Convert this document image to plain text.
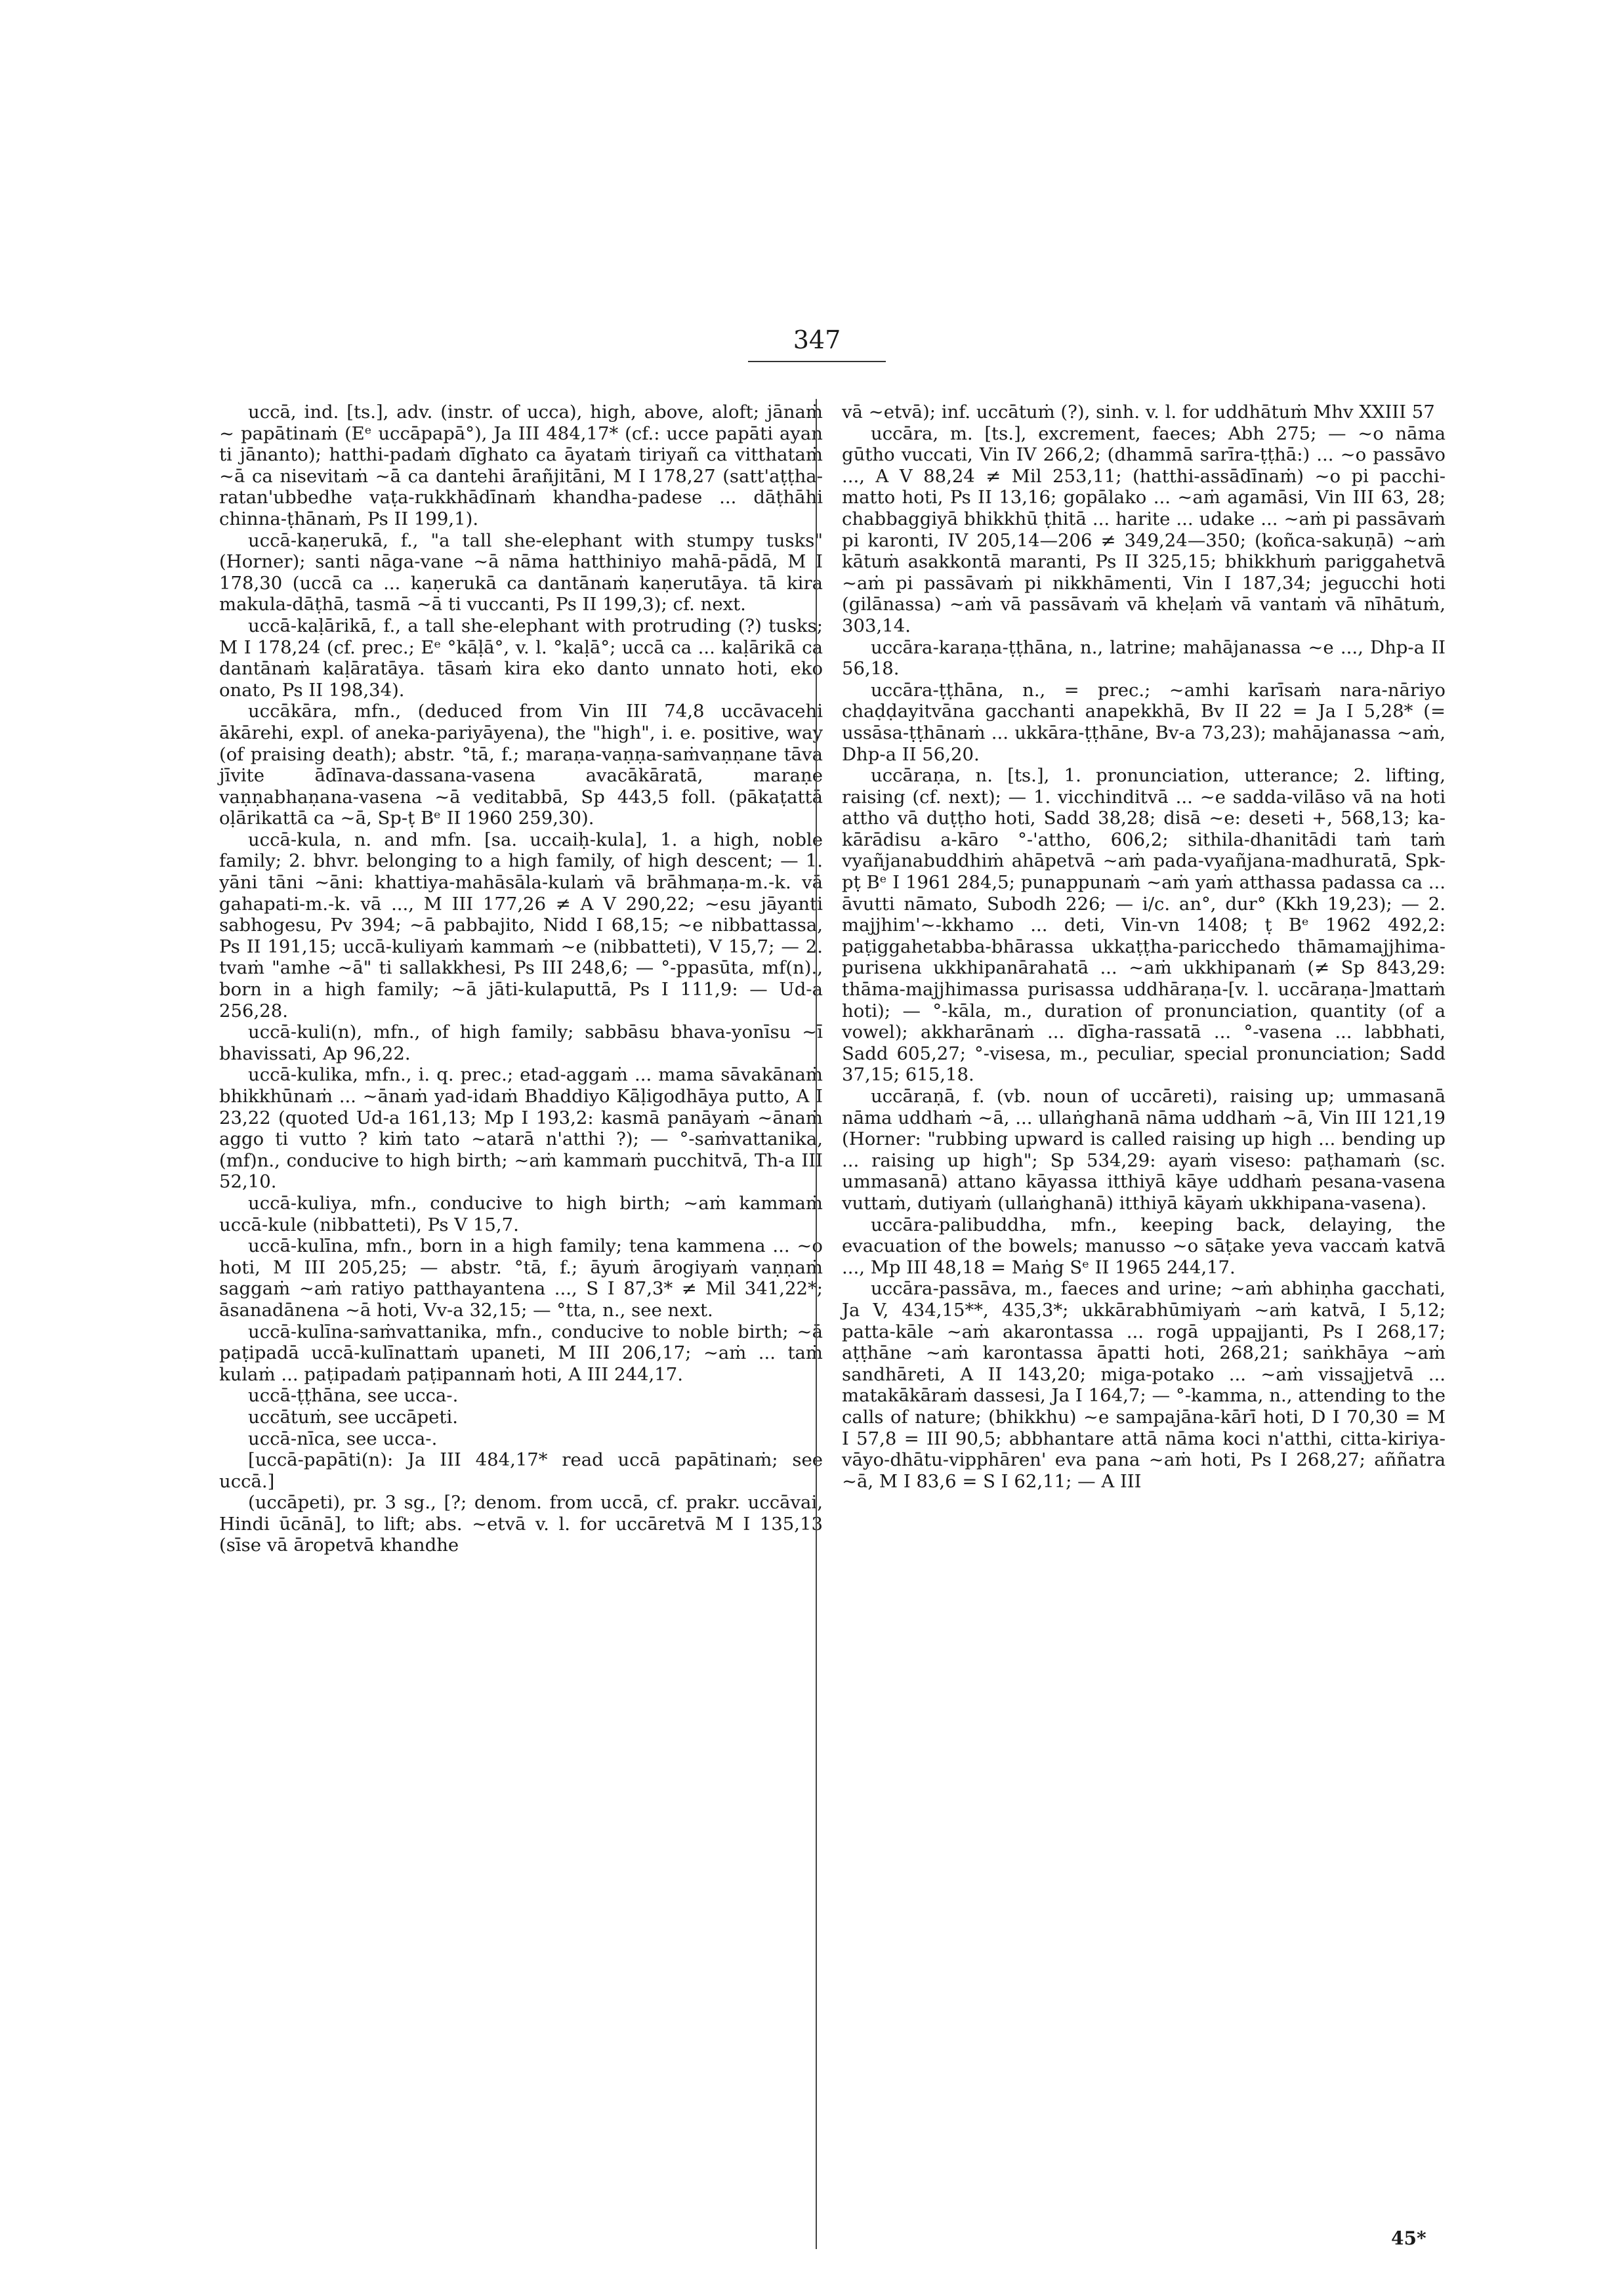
347

uccā, ind. [ts.], adv. (instr. of ucca), high, above, aloft; jānaṁ ~ papātinaṁ (Eᵉ uccāpapā°), Ja III 484,17* (cf.: ucce papāti ayan ti jānanto); hatthi-padaṁ dīghato ca āyataṁ tiriyañ ca vitthataṁ ~ā ca nisevitaṁ ~ā ca dantehi ārañjitāni, M I 178,27 (satt'aṭṭha-ratan'ubbedhe vaṭa-rukkhādīnaṁ khandha-padese ... dāṭhāhi chinna-ṭhānaṁ, Ps II 199,1).

uccā-kaṇerukā, f., "a tall she-elephant with stumpy tusks" (Horner); santi nāga-vane ~ā nāma hatthiniyo mahā-pādā, M I 178,30 (uccā ca ... kaṇerukā ca dantānaṁ kaṇerutāya. tā kira makula-dāṭhā, tasmā ~ā ti vuccanti, Ps II 199,3); cf. next.

uccā-kaḷārikā, f., a tall she-elephant with protruding (?) tusks; M I 178,24 (cf. prec.; Eᵉ °kāḷā°, v. l. °kaḷā°; uccā ca ... kaḷārikā ca dantānaṁ kaḷāratāya. tāsaṁ kira eko danto unnato hoti, eko onato, Ps II 198,34).

uccākāra, mfn., (deduced from Vin III 74,8 uccāvacehi ākārehi, expl. of aneka-pariyāyena), the "high", i. e. positive, way (of praising death); abstr. °tā, f.; maraṇa-vaṇṇa-saṁvaṇṇane tāva jīvite ādīnava-dassana-vasena avacākāratā, maraṇe vaṇṇabhaṇana-vasena ~ā veditabbā, Sp 443,5 foll. (pākaṭattā oḷārikattā ca ~ā, Sp-ṭ Bᵉ II 1960 259,30).

uccā-kula, n. and mfn. [sa. uccaiḥ-kula], 1. a high, noble family; 2. bhvr. belonging to a high family, of high descent; — 1. yāni tāni ~āni: khattiya-mahāsāla-kulaṁ vā brāhmaṇa-m.-k. vā gahapati-m.-k. vā ..., M III 177,26 ≠ A V 290,22; ~esu jāyanti sabhogesu, Pv 394; ~ā pabbajito, Nidd I 68,15; ~e nibbattassa, Ps II 191,15; uccā-kuliyaṁ kammaṁ ~e (nibbatteti), V 15,7; — 2. tvaṁ "amhe ~ā" ti sallakkhesi, Ps III 248,6; — °-ppasūta, mf(n)., born in a high family; ~ā jāti-kulaputtā, Ps I 111,9: — Ud-a 256,28.

uccā-kuli(n), mfn., of high family; sabbāsu bhava-yonīsu ~ī bhavissati, Ap 96,22.

uccā-kulika, mfn., i. q. prec.; etad-aggaṁ ... mama sāvakānaṁ bhikkhūnaṁ ... ~ānaṁ yad-idaṁ Bhaddiyo Kāḷigodhāya putto, A I 23,22 (quoted Ud-a 161,13; Mp I 193,2: kasmā panāyaṁ ~ānaṁ aggo ti vutto ? kiṁ tato ~atarā n'atthi ?); — °-saṁvattanika, (mf)n., conducive to high birth; ~aṁ kammaṁ pucchitvā, Th-a III 52,10.

uccā-kuliya, mfn., conducive to high birth; ~aṁ kammaṁ uccā-kule (nibbatteti), Ps V 15,7.

uccā-kulīna, mfn., born in a high family; tena kammena ... ~o hoti, M III 205,25; — abstr. °tā, f.; āyuṁ ārogiyaṁ vaṇṇaṁ saggaṁ ~aṁ ratiyo patthayantena ..., S I 87,3* ≠ Mil 341,22*; āsanadānena ~ā hoti, Vv-a 32,15; — °tta, n., see next.

uccā-kulīna-saṁvattanika, mfn., conducive to noble birth; ~ā paṭipadā uccā-kulīnattaṁ upaneti, M III 206,17; ~aṁ ... taṁ kulaṁ ... paṭipadaṁ paṭipannaṁ hoti, A III 244,17.

uccā-ṭṭhāna, see ucca-.

uccātuṁ, see uccāpeti.

uccā-nīca, see ucca-.

[uccā-papāti(n): Ja III 484,17* read uccā papātinaṁ; see uccā.]

(uccāpeti), pr. 3 sg., [?; denom. from uccā, cf. prakr. uccāvai, Hindi ūcānā], to lift; abs. ~etvā v. l. for uccāretvā M I 135,13 (sīse vā āropetvā khandhe

vā ~etvā); inf. uccātuṁ (?), sinh. v. l. for uddhātuṁ Mhv XXIII 57

uccāra, m. [ts.], excrement, faeces; Abh 275; — ~o nāma gūtho vuccati, Vin IV 266,2; (dhammā sarīra-ṭṭhā:) ... ~o passāvo ..., A V 88,24 ≠ Mil 253,11; (hatthi-assādīnaṁ) ~o pi pacchi-matto hoti, Ps II 13,16; gopālako ... ~aṁ agamāsi, Vin III 63, 28; chabbaggiyā bhikkhū ṭhitā ... harite ... udake ... ~aṁ pi passāvaṁ pi karonti, IV 205,14—206 ≠ 349,24—350; (koñca-sakuṇā) ~aṁ kātuṁ asakkontā maranti, Ps II 325,15; bhikkhuṁ pariggahetvā ~aṁ pi passāvaṁ pi nikkhāmenti, Vin I 187,34; jegucchi hoti (gilānassa) ~aṁ vā passāvaṁ vā kheḷaṁ vā vantaṁ vā nīhātuṁ, 303,14.

uccāra-karaṇa-ṭṭhāna, n., latrine; mahājanassa ~e ..., Dhp-a II 56,18.

uccāra-ṭṭhāna, n., = prec.; ~amhi karīsaṁ nara-nāriyo chaḍḍayitvāna gacchanti anapekkhā, Bv II 22 = Ja I 5,28* (= ussāsa-ṭṭhānaṁ ... ukkāra-ṭṭhāne, Bv-a 73,23); mahājanassa ~aṁ, Dhp-a II 56,20.

uccāraṇa, n. [ts.], 1. pronunciation, utterance; 2. lifting, raising (cf. next); — 1. vicchinditvā ... ~e sadda-vilāso vā na hoti attho vā duṭṭho hoti, Sadd 38,28; disā ~e: deseti +, 568,13; ka-kārādisu a-kāro °-'attho, 606,2; sithila-dhanitādi taṁ taṁ vyañjanabuddhiṁ ahāpetvā ~aṁ pada-vyañjana-madhuratā, Spk-pṭ Bᵉ I 1961 284,5; punappunaṁ ~aṁ yaṁ atthassa padassa ca ... āvutti nāmato, Subodh 226; — i/c. an°, dur° (Kkh 19,23); — 2. majjhim'~-kkhamo ... deti, Vin-vn 1408; ṭ Bᵉ 1962 492,2: paṭiggahetabba-bhārassa ukkaṭṭha-paricchedo thāmamajjhima-purisena ukkhipanārahatā ... ~aṁ ukkhipanaṁ (≠ Sp 843,29: thāma-majjhimassa purisassa uddhāraṇa-[v. l. uccāraṇa-]mattaṁ hoti); — °-kāla, m., duration of pronunciation, quantity (of a vowel); akkharānaṁ ... dīgha-rassatā ... °-vasena ... labbhati, Sadd 605,27; °-visesa, m., peculiar, special pronunciation; Sadd 37,15; 615,18.

uccāraṇā, f. (vb. noun of uccāreti), raising up; ummasanā nāma uddhaṁ ~ā, ... ullaṅghanā nāma uddhaṁ ~ā, Vin III 121,19 (Horner: "rubbing upward is called raising up high ... bending up ... raising up high"; Sp 534,29: ayaṁ viseso: paṭhamaṁ (sc. ummasanā) attano kāyassa itthiyā kāye uddhaṁ pesana-vasena vuttaṁ, dutiyaṁ (ullaṅghanā) itthiyā kāyaṁ ukkhipana-vasena).

uccāra-palibuddha, mfn., keeping back, delaying, the evacuation of the bowels; manusso ~o sāṭake yeva vaccaṁ katvā ..., Mp III 48,18 = Maṅg Sᵉ II 1965 244,17.

uccāra-passāva, m., faeces and urine; ~aṁ abhiṇha gacchati, Ja V, 434,15**, 435,3*; ukkārabhūmiyaṁ ~aṁ katvā, I 5,12; patta-kāle ~aṁ akarontassa ... rogā uppajjanti, Ps I 268,17; aṭṭhāne ~aṁ karontassa āpatti hoti, 268,21; saṅkhāya ~aṁ sandhāreti, A II 143,20; miga-potako ... ~aṁ vissajjetvā ... matakākāraṁ dassesi, Ja I 164,7; — °-kamma, n., attending to the calls of nature; (bhikkhu) ~e sampajāna-kārī hoti, D I 70,30 = M I 57,8 = III 90,5; abbhantare attā nāma koci n'atthi, citta-kiriya-vāyo-dhātu-vipphāren' eva pana ~aṁ hoti, Ps I 268,27; aññatra ~ā, M I 83,6 = S I 62,11; — A III

45*
